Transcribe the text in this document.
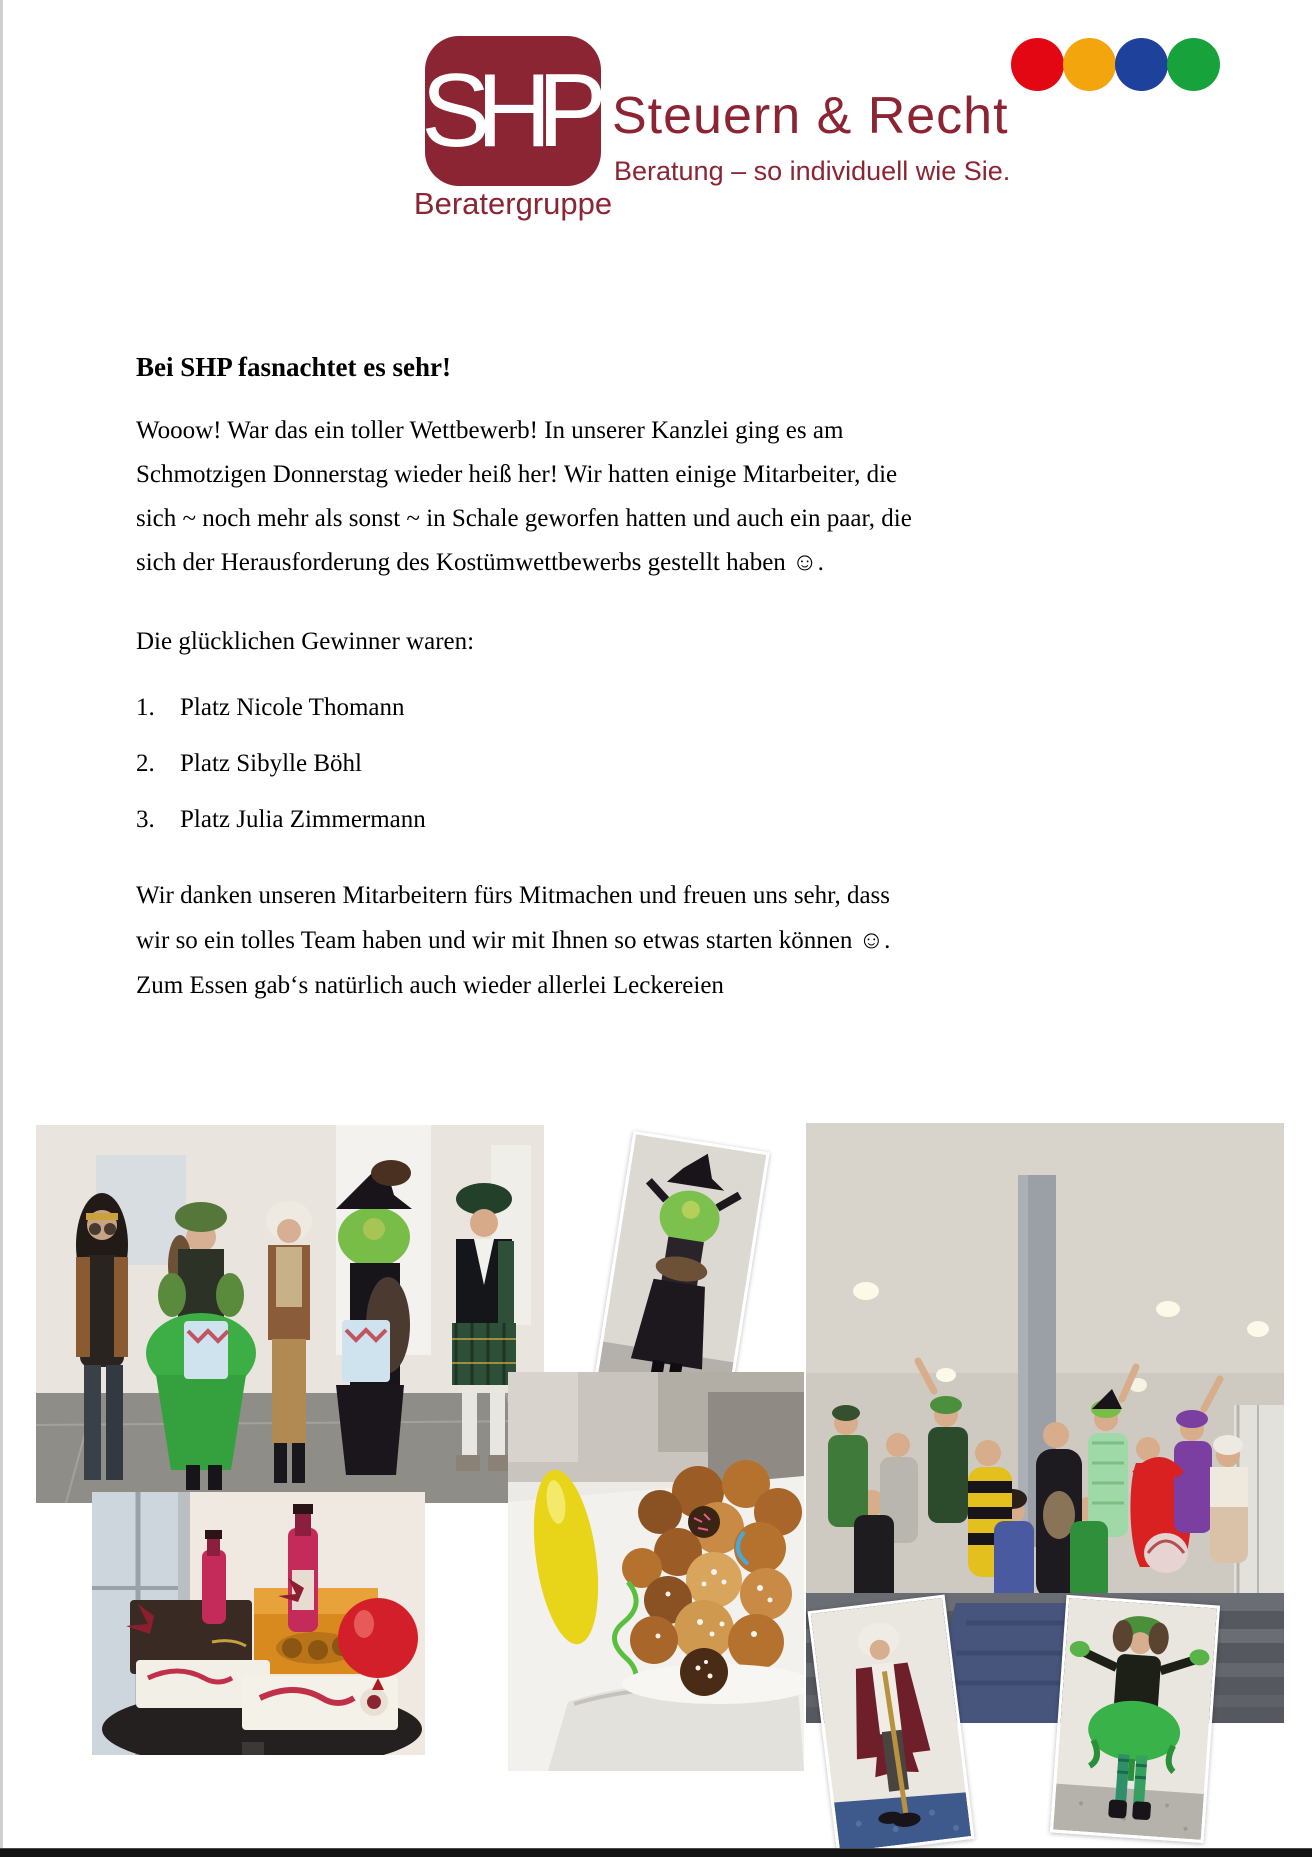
SHP
Beratergruppe
Steuern & Recht
Beratung – so individuell wie Sie.
Bei SHP fasnachtet es sehr!
Wooow! War das ein toller Wettbewerb! In unserer Kanzlei ging es am
Schmotzigen Donnerstag wieder heiß her! Wir hatten einige Mitarbeiter, die
sich ~ noch mehr als sonst ~ in Schale geworfen hatten und auch ein paar, die
sich der Herausforderung des Kostümwettbewerbs gestellt haben ☺.
Die glücklichen Gewinner waren:
1. Platz Nicole Thomann
2. Platz Sibylle Böhl
3. Platz Julia Zimmermann
Wir danken unseren Mitarbeitern fürs Mitmachen und freuen uns sehr, dass
wir so ein tolles Team haben und wir mit Ihnen so etwas starten können ☺.
Zum Essen gab‘s natürlich auch wieder allerlei Leckereien
